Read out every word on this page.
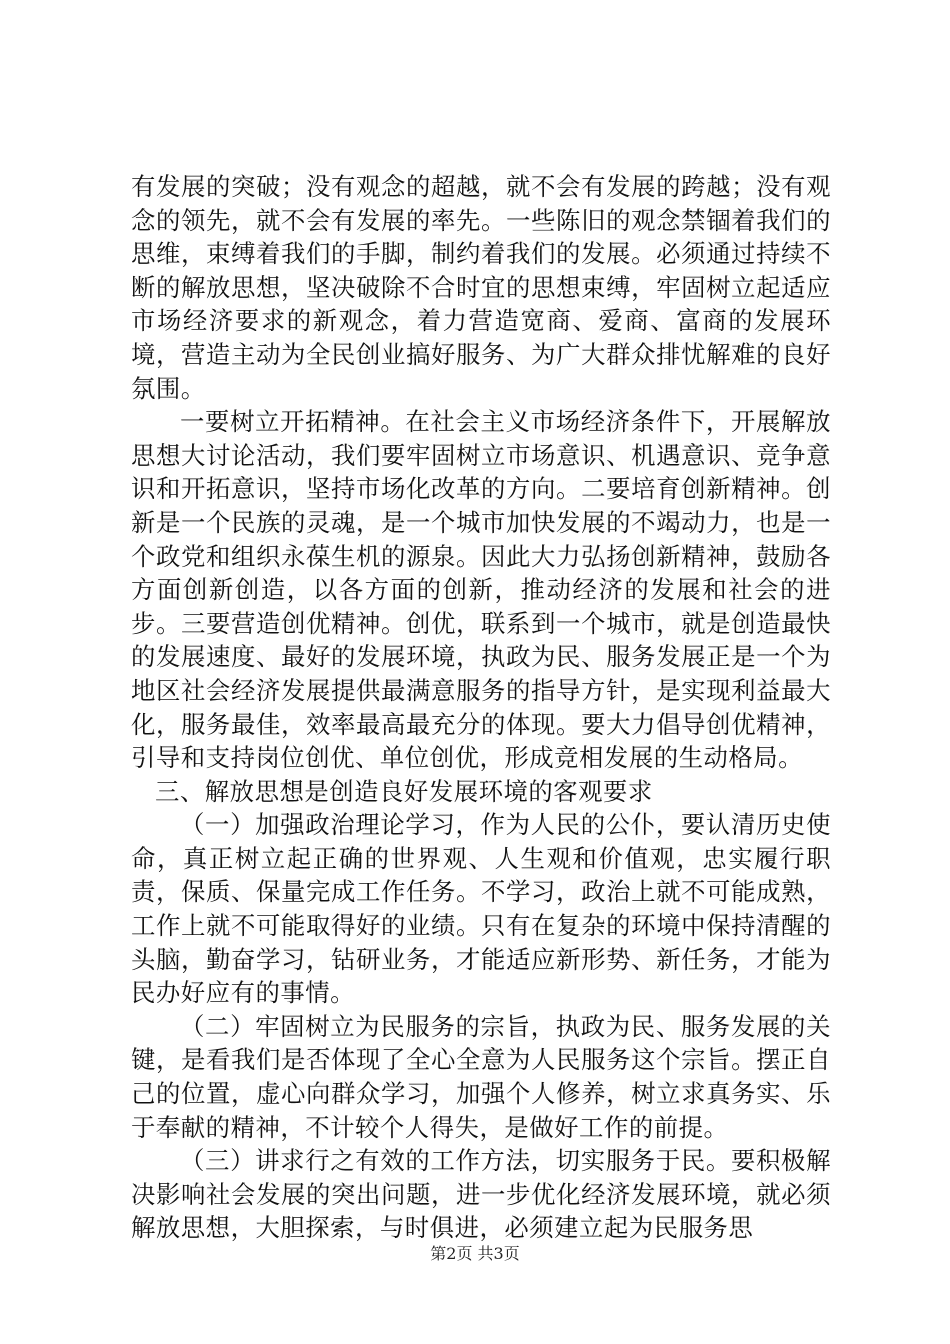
有发展的突破；没有观念的超越，就不会有发展的跨越；没有观念的领先，就不会有发展的率先。一些陈旧的观念禁锢着我们的思维，束缚着我们的手脚，制约着我们的发展。必须通过持续不断的解放思想，坚决破除不合时宜的思想束缚，牢固树立起适应市场经济要求的新观念，着力营造宽商、爱商、富商的发展环境，营造主动为全民创业搞好服务、为广大群众排忧解难的良好氛围。

一要树立开拓精神。在社会主义市场经济条件下，开展解放思想大讨论活动，我们要牢固树立市场意识、机遇意识、竞争意识和开拓意识，坚持市场化改革的方向。二要培育创新精神。创新是一个民族的灵魂，是一个城市加快发展的不竭动力，也是一个政党和组织永葆生机的源泉。因此大力弘扬创新精神，鼓励各方面创新创造，以各方面的创新，推动经济的发展和社会的进步。三要营造创优精神。创优，联系到一个城市，就是创造最快的发展速度、最好的发展环境，执政为民、服务发展正是一个为地区社会经济发展提供最满意服务的指导方针，是实现利益最大化，服务最佳，效率最高最充分的体现。要大力倡导创优精神，引导和支持岗位创优、单位创优，形成竞相发展的生动格局。

三、解放思想是创造良好发展环境的客观要求

（一）加强政治理论学习，作为人民的公仆，要认清历史使命，真正树立起正确的世界观、人生观和价值观，忠实履行职责，保质、保量完成工作任务。不学习，政治上就不可能成熟，工作上就不可能取得好的业绩。只有在复杂的环境中保持清醒的头脑，勤奋学习，钻研业务，才能适应新形势、新任务，才能为民办好应有的事情。

（二）牢固树立为民服务的宗旨，执政为民、服务发展的关键，是看我们是否体现了全心全意为人民服务这个宗旨。摆正自己的位置，虚心向群众学习，加强个人修养，树立求真务实、乐于奉献的精神，不计较个人得失，是做好工作的前提。

（三）讲求行之有效的工作方法，切实服务于民。要积极解决影响社会发展的突出问题，进一步优化经济发展环境，就必须解放思想，大胆探索，与时俱进，必须建立起为民服务思

第2页 共3页
